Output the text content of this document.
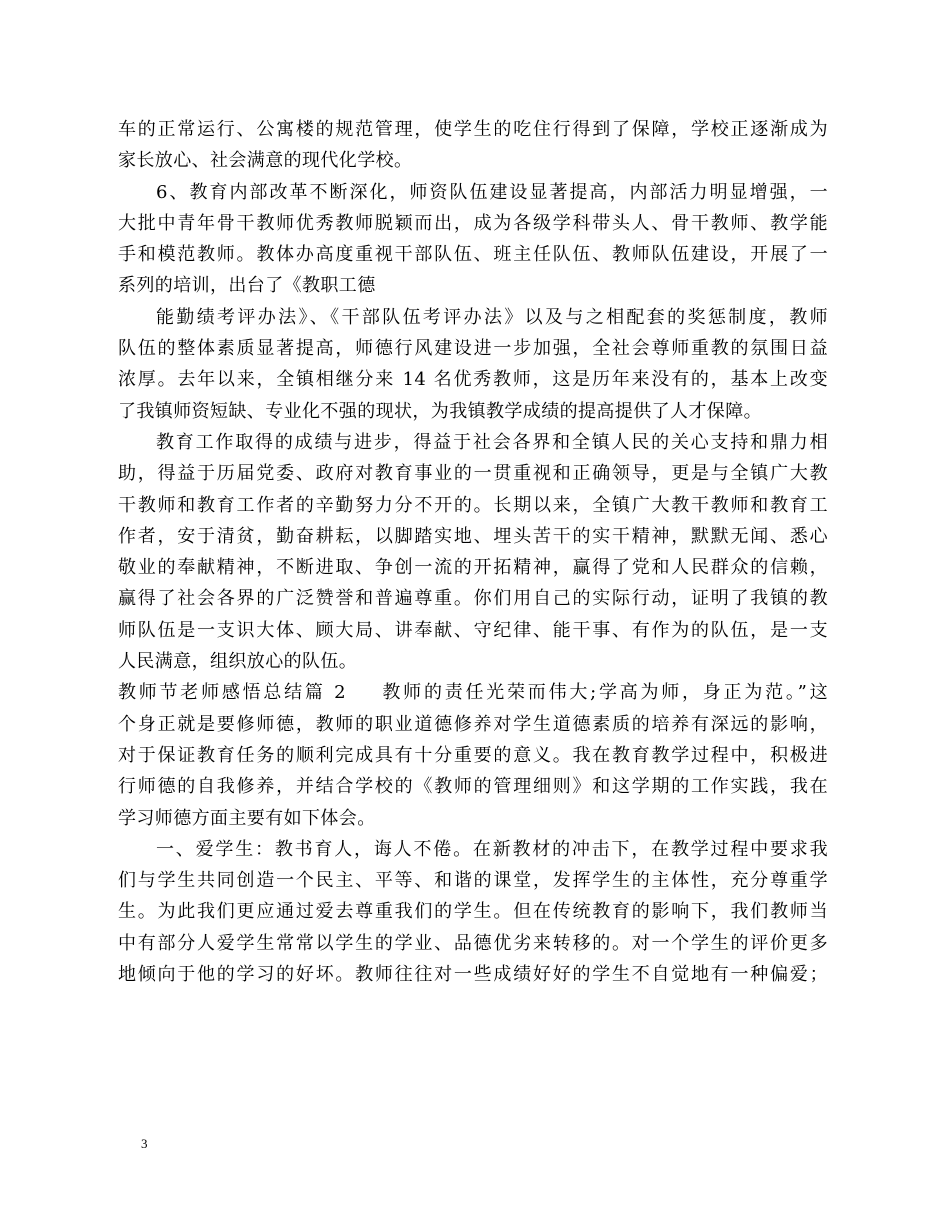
车的正常运行、公寓楼的规范管理，使学生的吃住行得到了保障，学校正逐渐成为
家长放心、社会满意的现代化学校。
6、教育内部改革不断深化，师资队伍建设显著提高，内部活力明显增强，一
大批中青年骨干教师优秀教师脱颖而出，成为各级学科带头人、骨干教师、教学能
手和模范教师。教体办高度重视干部队伍、班主任队伍、教师队伍建设，开展了一
系列的培训，出台了《教职工德
能勤绩考评办法》、《干部队伍考评办法》以及与之相配套的奖惩制度，教师
队伍的整体素质显著提高，师德行风建设进一步加强，全社会尊师重教的氛围日益
浓厚。去年以来，全镇相继分来 14 名优秀教师，这是历年来没有的，基本上改变
了我镇师资短缺、专业化不强的现状，为我镇教学成绩的提高提供了人才保障。
教育工作取得的成绩与进步，得益于社会各界和全镇人民的关心支持和鼎力相
助，得益于历届党委、政府对教育事业的一贯重视和正确领导，更是与全镇广大教
干教师和教育工作者的辛勤努力分不开的。长期以来，全镇广大教干教师和教育工
作者，安于清贫，勤奋耕耘，以脚踏实地、埋头苦干的实干精神，默默无闻、悉心
敬业的奉献精神，不断进取、争创一流的开拓精神，赢得了党和人民群众的信赖，
赢得了社会各界的广泛赞誉和普遍尊重。你们用自己的实际行动，证明了我镇的教
师队伍是一支识大体、顾大局、讲奉献、守纪律、能干事、有作为的队伍，是一支
人民满意，组织放心的队伍。
教师节老师感悟总结篇 2 教师的责任光荣而伟大;学高为师，身正为范。”这
个身正就是要修师德，教师的职业道德修养对学生道德素质的培养有深远的影响，
对于保证教育任务的顺利完成具有十分重要的意义。我在教育教学过程中，积极进
行师德的自我修养，并结合学校的《教师的管理细则》和这学期的工作实践，我在
学习师德方面主要有如下体会。
一、爱学生：教书育人，诲人不倦。在新教材的冲击下，在教学过程中要求我
们与学生共同创造一个民主、平等、和谐的课堂，发挥学生的主体性，充分尊重学
生。为此我们更应通过爱去尊重我们的学生。但在传统教育的影响下，我们教师当
中有部分人爱学生常常以学生的学业、品德优劣来转移的。对一个学生的评价更多
地倾向于他的学习的好坏。教师往往对一些成绩好好的学生不自觉地有一种偏爱；
3
